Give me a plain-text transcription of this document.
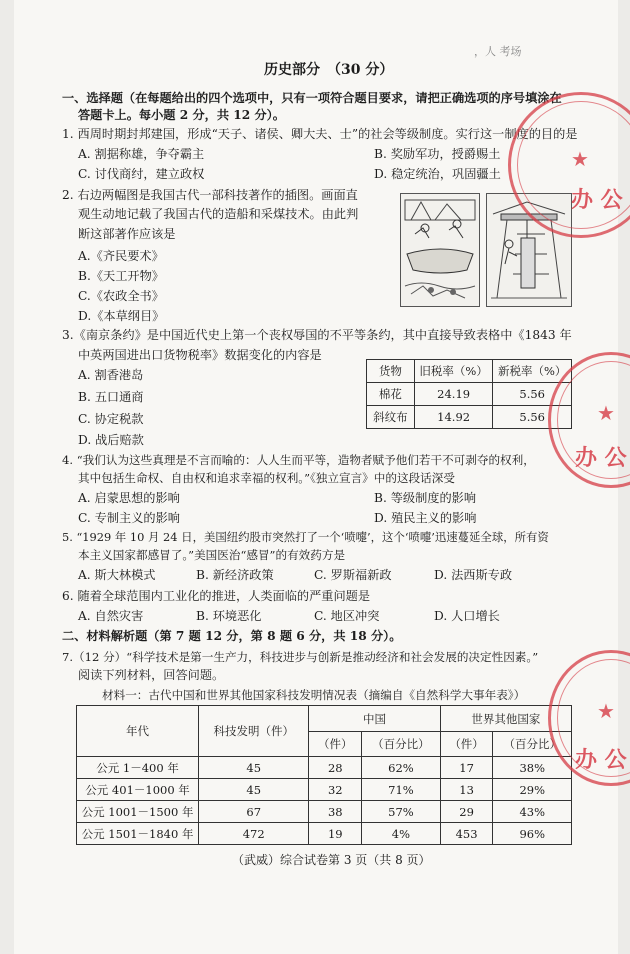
，人 考场
历史部分　（30 分）
一、选择题（在每题给出的四个选项中，只有一项符合题目要求，请把正确选项的序号填涂在
答题卡上。每小题 2 分，共 12 分）。
1. 西周时期封邦建国，形成“天子、诸侯、卿大夫、士”的社会等级制度。实行这一制度的目的是
A. 割据称雄，争夺霸主	B. 奖励军功，授爵赐土
C. 讨伐商纣，建立政权	D. 稳定统治，巩固疆土
2. 右边两幅图是我国古代一部科技著作的插图。画面直
观生动地记载了我国古代的造船和采煤技术。由此判
断这部著作应该是
A.《齐民要术》
B.《天工开物》
C.《农政全书》
D.《本草纲目》
3.《南京条约》是中国近代史上第一个丧权辱国的不平等条约，其中直接导致表格中《1843 年
中英两国进出口货物税率》数据变化的内容是
A. 割香港岛
B. 五口通商
C. 协定税款
D. 战后赔款
货物	旧税率（%）	新税率（%）
棉花	24.19	5.56
斜纹布	14.92	5.56
4. “我们认为这些真理是不言而喻的：人人生而平等，造物者赋予他们若干不可剥夺的权利，
其中包括生命权、自由权和追求幸福的权利。”《独立宣言》中的这段话深受
A. 启蒙思想的影响	B. 等级制度的影响
C. 专制主义的影响	D. 殖民主义的影响
5. “1929 年 10 月 24 日，美国纽约股市突然打了一个‘喷嚏’，这个‘喷嚏’迅速蔓延全球，所有资
本主义国家都感冒了。”美国医治“感冒”的有效药方是
A. 斯大林模式	B. 新经济政策	C. 罗斯福新政	D. 法西斯专政
6. 随着全球范围内工业化的推进，人类面临的严重问题是
A. 自然灾害	B. 环境恶化	C. 地区冲突	D. 人口增长
二、材料解析题（第 7 题 12 分，第 8 题 6 分，共 18 分）。
7.（12 分）“科学技术是第一生产力，科技进步与创新是推动经济和社会发展的决定性因素。”
阅读下列材料，回答问题。
材料一：古代中国和世界其他国家科技发明情况表（摘编自《自然科学大事年表》）
年代	科技发明（件）	中国		世界其他国家	
		（件）	（百分比）	（件）	（百分比）
公元 1－400 年	45	28	62%	17	38%
公元 401－1000 年	45	32	71%	13	29%
公元 1001－1500 年	67	38	57%	29	43%
公元 1501－1840 年	472	19	4%	453	96%
（武威）综合试卷第 3 页（共 8 页）
★
办 公
★
办 公
★
办 公
